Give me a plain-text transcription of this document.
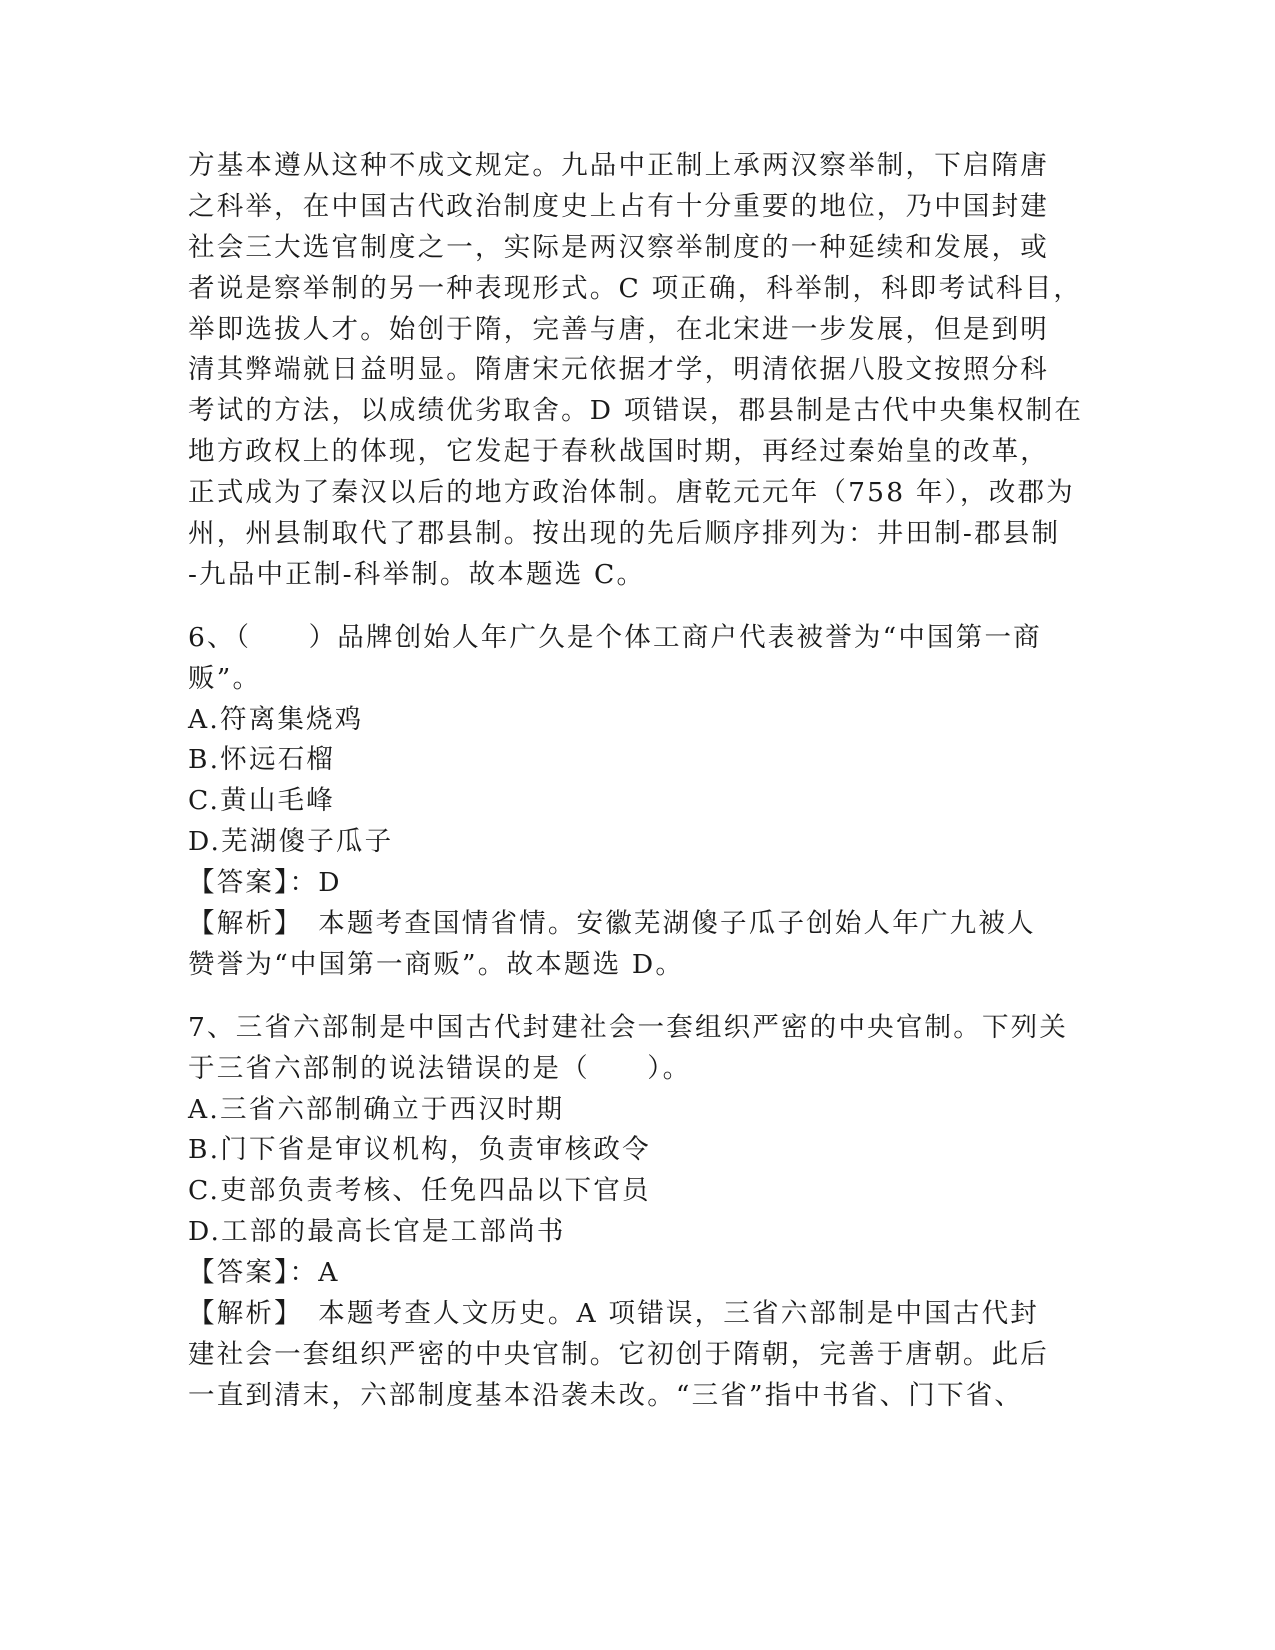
方基本遵从这种不成文规定。九品中正制上承两汉察举制，下启隋唐
之科举，在中国古代政治制度史上占有十分重要的地位，乃中国封建
社会三大选官制度之一，实际是两汉察举制度的一种延续和发展，或
者说是察举制的另一种表现形式。C 项正确，科举制，科即考试科目，
举即选拔人才。始创于隋，完善与唐，在北宋进一步发展，但是到明
清其弊端就日益明显。隋唐宋元依据才学，明清依据八股文按照分科
考试的方法，以成绩优劣取舍。D 项错误，郡县制是古代中央集权制在
地方政权上的体现，它发起于春秋战国时期，再经过秦始皇的改革，
正式成为了秦汉以后的地方政治体制。唐乾元元年（758 年），改郡为
州，州县制取代了郡县制。按出现的先后顺序排列为：井田制-郡县制
-九品中正制-科举制。故本题选 C。
6、（　　）品牌创始人年广久是个体工商户代表被誉为“中国第一商
贩”。
A.符离集烧鸡
B.怀远石榴
C.黄山毛峰
D.芜湖傻子瓜子
【答案】：D
【解析】　本题考查国情省情。安徽芜湖傻子瓜子创始人年广九被人
赞誉为“中国第一商贩”。故本题选 D。
7、三省六部制是中国古代封建社会一套组织严密的中央官制。下列关
于三省六部制的说法错误的是（　　）。
A.三省六部制确立于西汉时期
B.门下省是审议机构，负责审核政令
C.吏部负责考核、任免四品以下官员
D.工部的最高长官是工部尚书
【答案】：A
【解析】　本题考查人文历史。A 项错误，三省六部制是中国古代封
建社会一套组织严密的中央官制。它初创于隋朝，完善于唐朝。此后
一直到清末，六部制度基本沿袭未改。“三省”指中书省、门下省、
